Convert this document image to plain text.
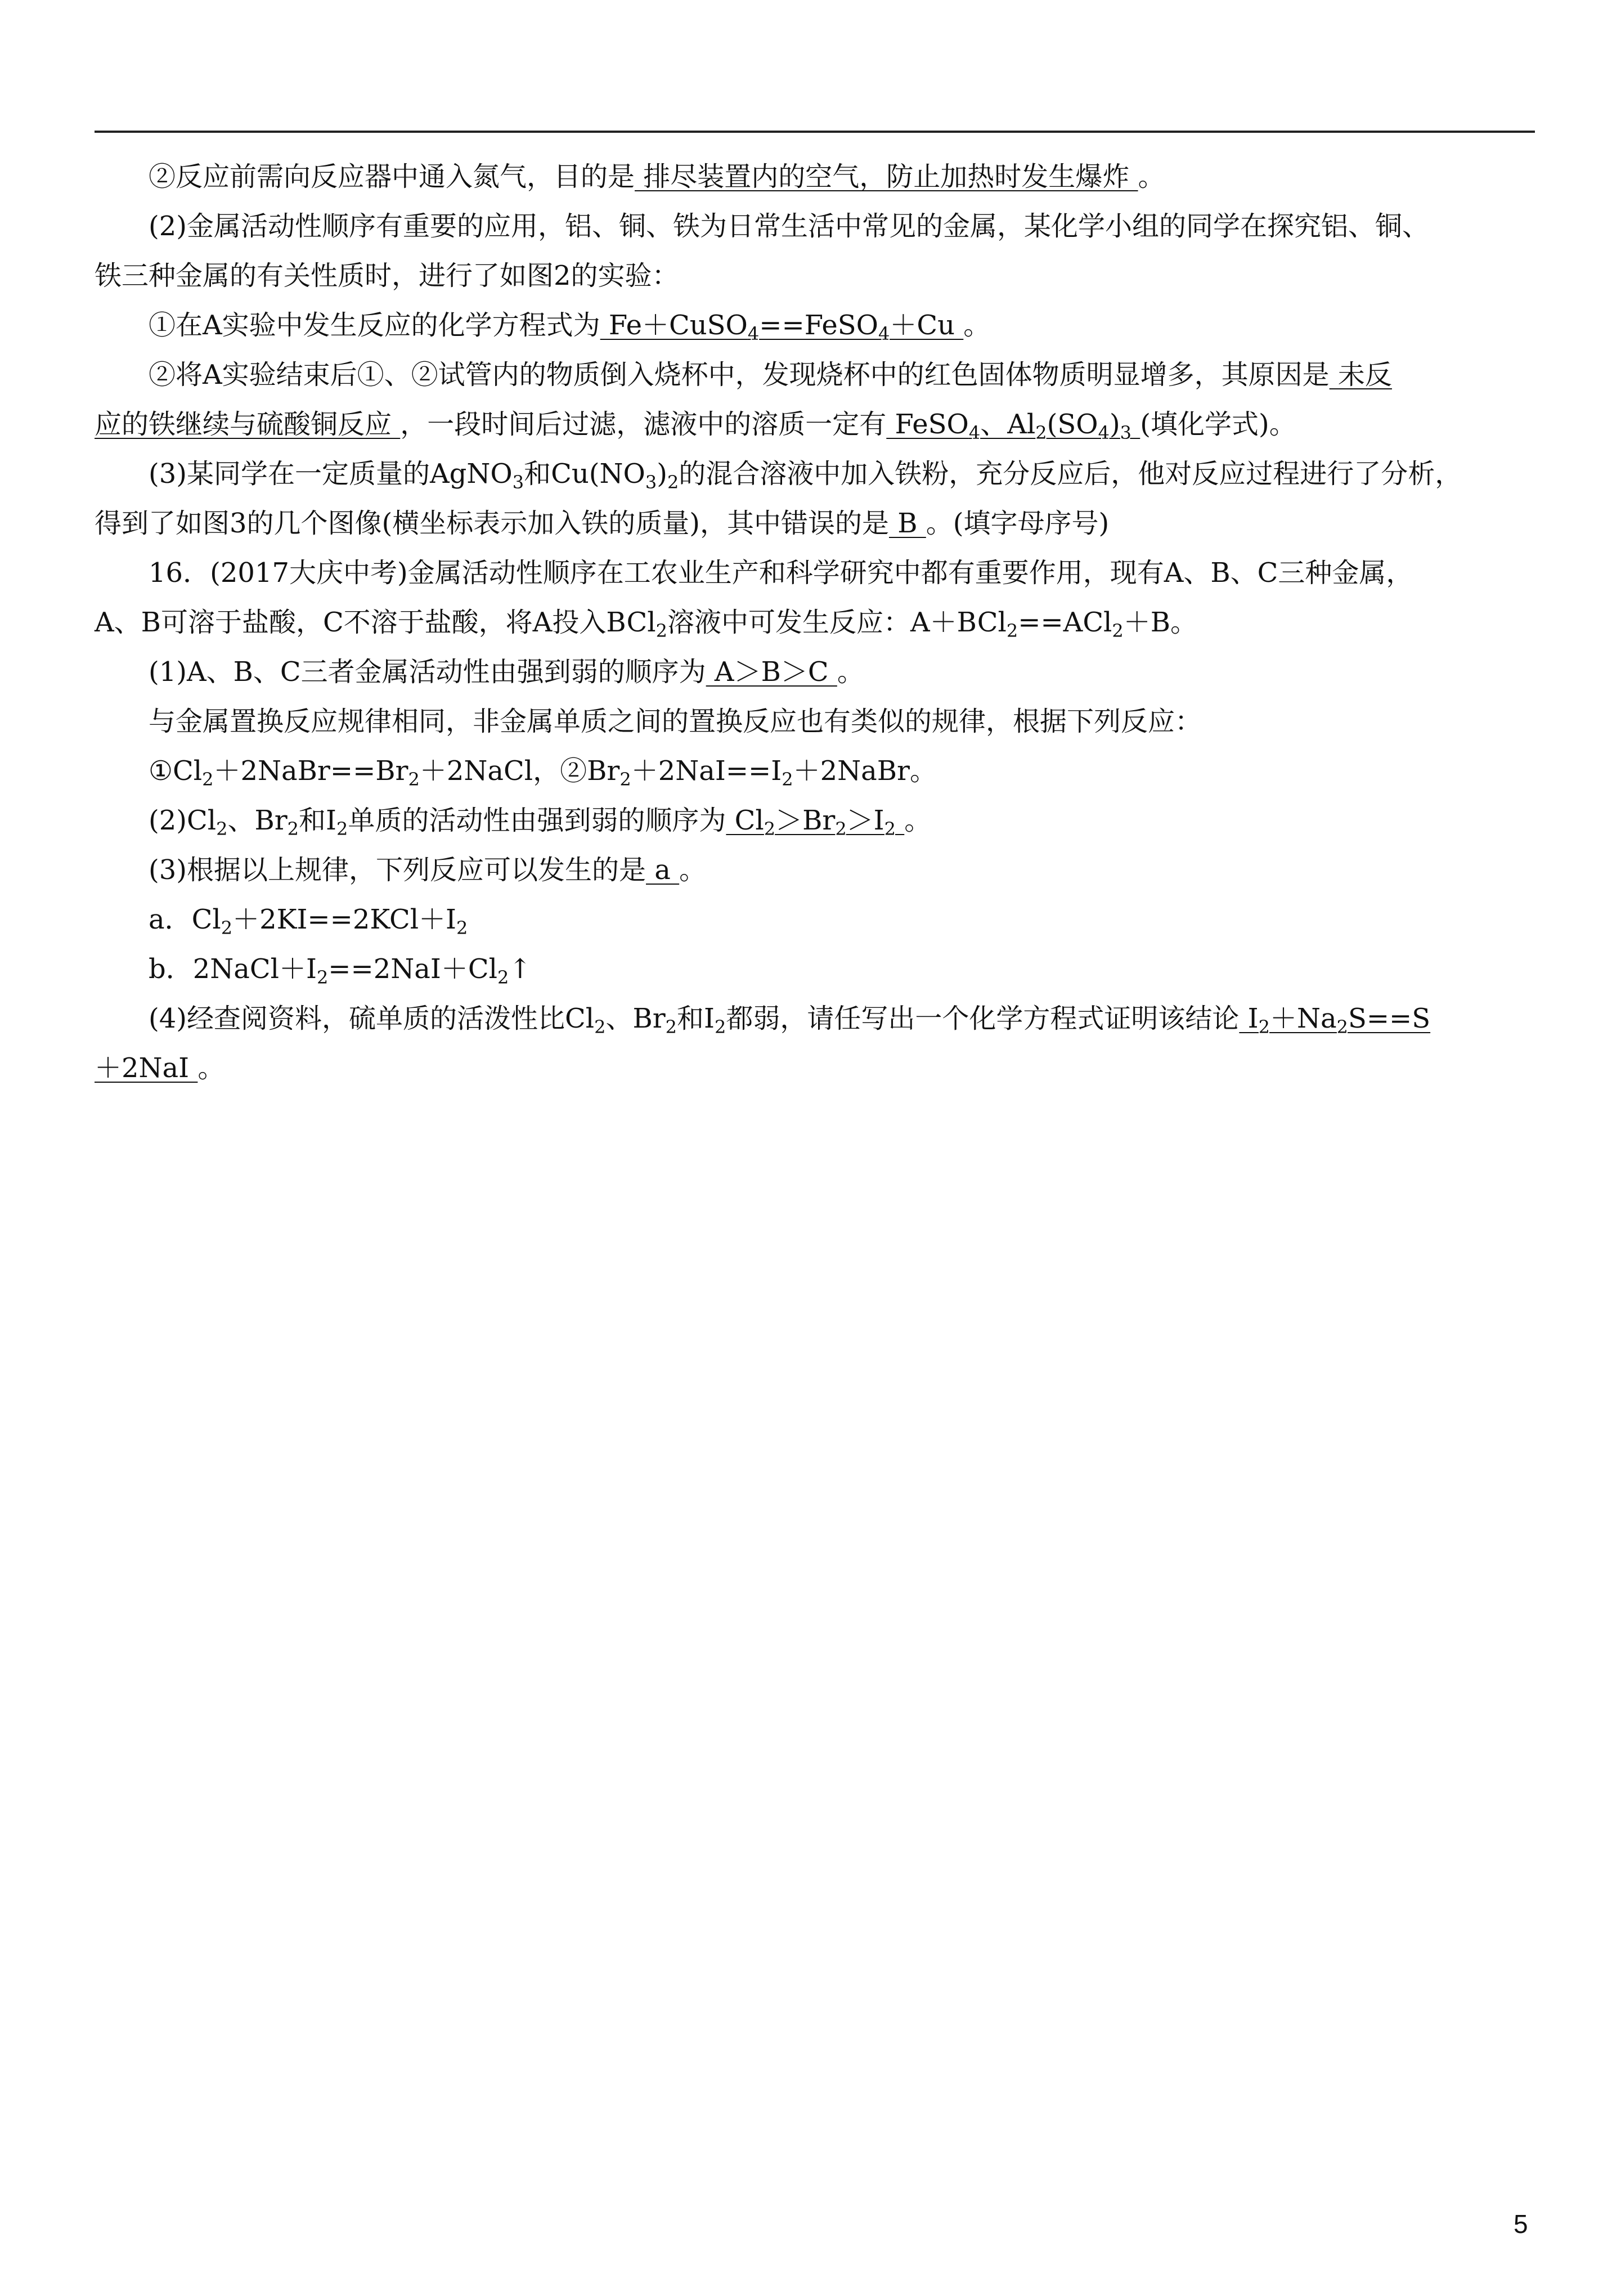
②反应前需向反应器中通入氮气，目的是 排尽装置内的空气，防止加热时发生爆炸 。
(2)金属活动性顺序有重要的应用，铝、铜、铁为日常生活中常见的金属，某化学小组的同学在探究铝、铜、
铁三种金属的有关性质时，进行了如图2的实验：
①在A实验中发生反应的化学方程式为 Fe＋CuSO$_4$==FeSO$_4$＋Cu 。
②将A实验结束后①、②试管内的物质倒入烧杯中，发现烧杯中的红色固体物质明显增多，其原因是 未反
应的铁继续与硫酸铜反应 ，一段时间后过滤，滤液中的溶质一定有 FeSO$_4$、$Al_2(SO_4)_3$ (填化学式)。
(3)某同学在一定质量的AgNO$_3$和$Cu(NO_3)_2$的混合溶液中加入铁粉，充分反应后，他对反应过程进行了分析，
得到了如图3的几个图像(横坐标表示加入铁的质量)，其中错误的是 B 。(填字母序号)
16．(2017大庆中考)金属活动性顺序在工农业生产和科学研究中都有重要作用，现有A、B、C三种金属，
A、B可溶于盐酸，C不溶于盐酸，将A投入BCl$_2$溶液中可发生反应：A＋BCl$_2$==ACl$_2$＋B。
(1)A、B、C三者金属活动性由强到弱的顺序为 A＞B＞C 。
与金属置换反应规律相同，非金属单质之间的置换反应也有类似的规律，根据下列反应：
$①Cl_2+2NaBr==Br_2+2NaCl$，$②Br_2+2NaI==I_2+2NaBr$。
$(2)Cl_2$、$Br_2$和$I_2$单质的活动性由强到弱的顺序为 $Cl_2>Br_2>I_2$ 。
(3)根据以上规律，下列反应可以发生的是 a 。
a．$Cl_2+2KI==2KCl+I_2$
b．$2NaCl+I_2==2NaI+Cl_2↑$
(4)经查阅资料，硫单质的活泼性比$Cl_2$、$Br_2$和$I_2$都弱，请任写出一个化学方程式证明该结论 $I_2+Na_2S==S$
＋2NaI 。
5
